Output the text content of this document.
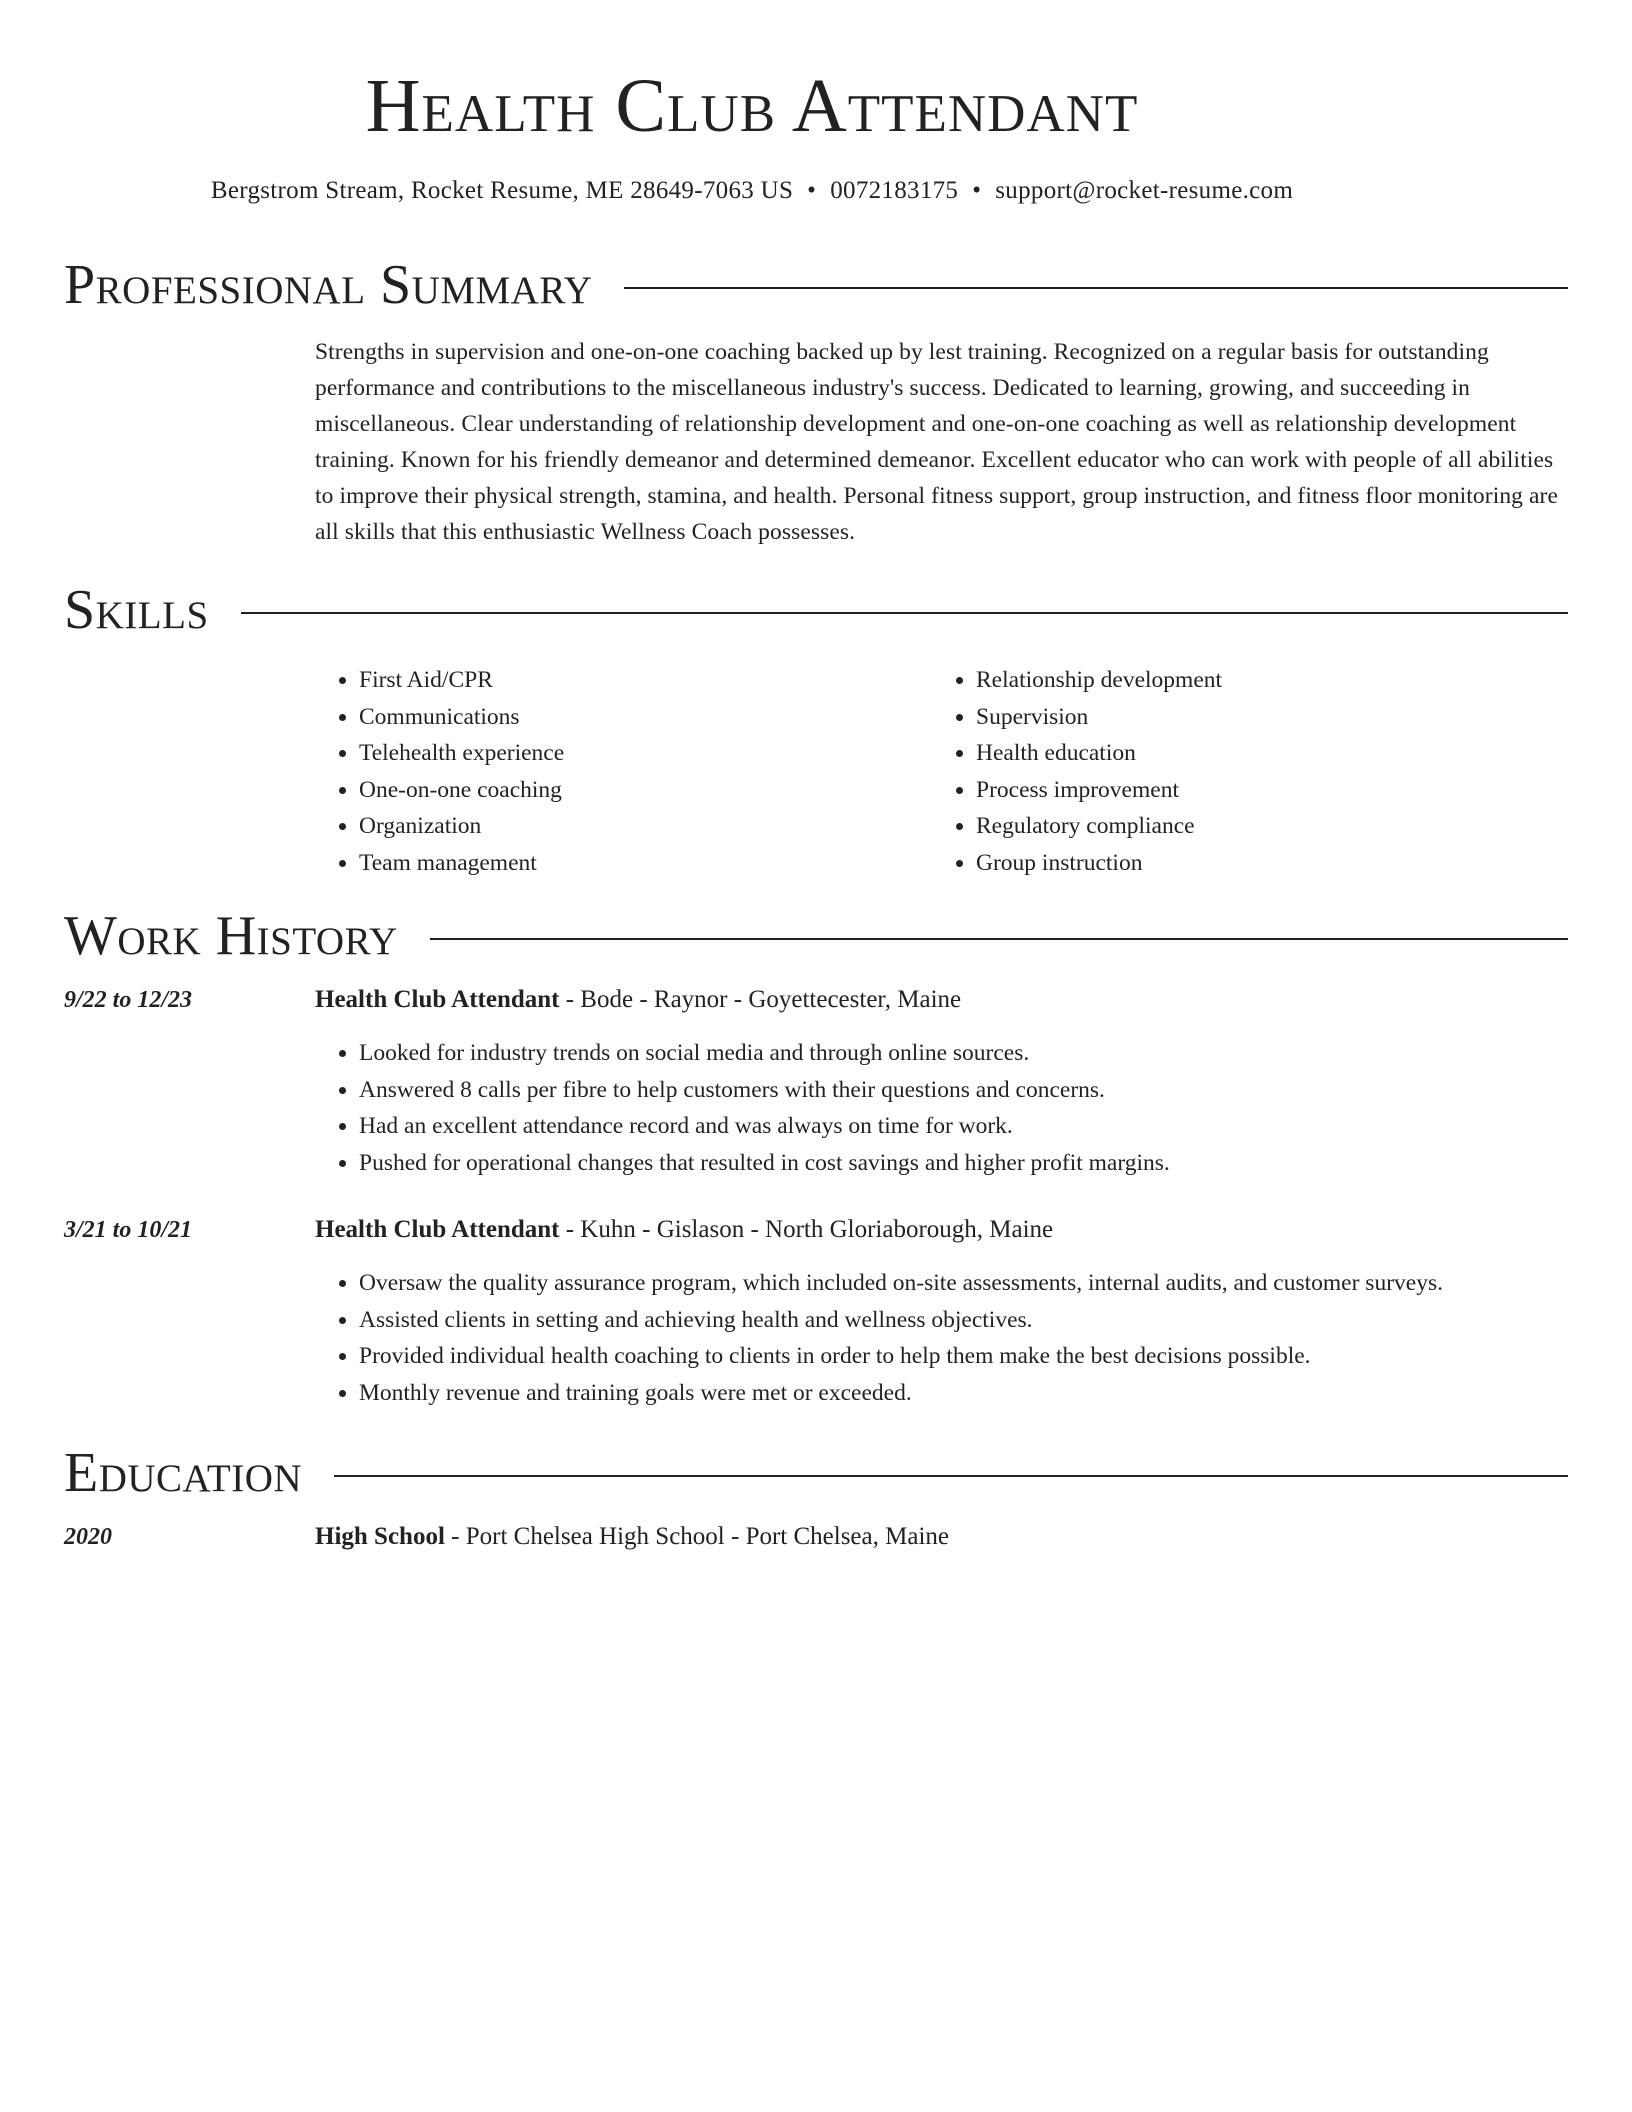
Health Club Attendant
Bergstrom Stream, Rocket Resume, ME 28649-7063 US • 0072183175 • support@rocket-resume.com
Professional Summary
Strengths in supervision and one-on-one coaching backed up by lest training. Recognized on a regular basis for outstanding performance and contributions to the miscellaneous industry's success. Dedicated to learning, growing, and succeeding in miscellaneous. Clear understanding of relationship development and one-on-one coaching as well as relationship development training. Known for his friendly demeanor and determined demeanor. Excellent educator who can work with people of all abilities to improve their physical strength, stamina, and health. Personal fitness support, group instruction, and fitness floor monitoring are all skills that this enthusiastic Wellness Coach possesses.
Skills
• First Aid/CPR
• Communications
• Telehealth experience
• One-on-one coaching
• Organization
• Team management
• Relationship development
• Supervision
• Health education
• Process improvement
• Regulatory compliance
• Group instruction
Work History
9/22 to 12/23	Health Club Attendant - Bode - Raynor - Goyettecester, Maine
• Looked for industry trends on social media and through online sources.
• Answered 8 calls per fibre to help customers with their questions and concerns.
• Had an excellent attendance record and was always on time for work.
• Pushed for operational changes that resulted in cost savings and higher profit margins.
3/21 to 10/21	Health Club Attendant - Kuhn - Gislason - North Gloriaborough, Maine
• Oversaw the quality assurance program, which included on-site assessments, internal audits, and customer surveys.
• Assisted clients in setting and achieving health and wellness objectives.
• Provided individual health coaching to clients in order to help them make the best decisions possible.
• Monthly revenue and training goals were met or exceeded.
Education
2020	High School - Port Chelsea High School - Port Chelsea, Maine
